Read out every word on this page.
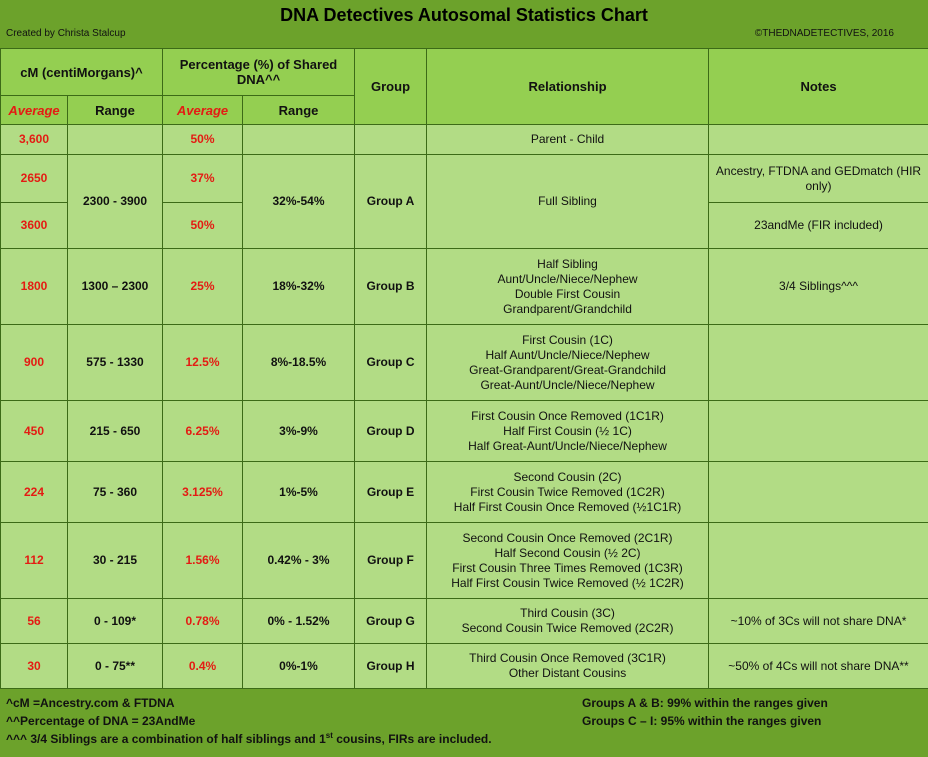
DNA Detectives Autosomal Statistics Chart
Created by Christa Stalcup	©THEDNADETECTIVES, 2016
cM (centiMorgans)^		Percentage (%) of Shared DNA^^		Group	Relationship	Notes
Average	Range	Average	Range			
3,600		50%			Parent - Child	
2650	2300 - 3900	37%	32%-54%	Group A	Full Sibling	Ancestry, FTDNA and GEDmatch (HIR only)
3600		50%				23andMe (FIR included)
1800	1300 – 2300	25%	18%-32%	Group B	Half Sibling
Aunt/Uncle/Niece/Nephew
Double First Cousin
Grandparent/Grandchild	3/4 Siblings^^^
900	575 - 1330	12.5%	8%-18.5%	Group C	First Cousin (1C)
Half Aunt/Uncle/Niece/Nephew
Great-Grandparent/Great-Grandchild
Great-Aunt/Uncle/Niece/Nephew	

450	215 - 650	6.25%	3%-9%	Group D	First Cousin Once Removed (1C1R)
Half First Cousin (½ 1C)
Half Great-Aunt/Uncle/Niece/Nephew	

224	75 - 360	3.125%	1%-5%	Group E	Second Cousin (2C)
First Cousin Twice Removed (1C2R)
Half First Cousin Once Removed (½1C1R)	

112	30 - 215	1.56%	0.42% - 3%	Group F	Second Cousin Once Removed (2C1R)
Half Second Cousin (½ 2C)
First Cousin Three Times Removed (1C3R)
Half First Cousin Twice Removed (½ 1C2R)	

56	0 - 109*	0.78%	0% - 1.52%	Group G	Third Cousin (3C)
Second Cousin Twice Removed (2C2R)	~10% of 3Cs will not share DNA*
30	0 - 75**	0.4%	0%-1%	Group H	Third Cousin Once Removed (3C1R)
Other Distant Cousins	~50% of 4Cs will not share DNA**
^cM =Ancestry.com & FTDNA
^^Percentage of DNA = 23AndMe
^^^ 3/4 Siblings are a combination of half siblings and 1st cousins, FIRs are included.
Groups A & B: 99% within the ranges given
Groups C – I: 95% within the ranges given
